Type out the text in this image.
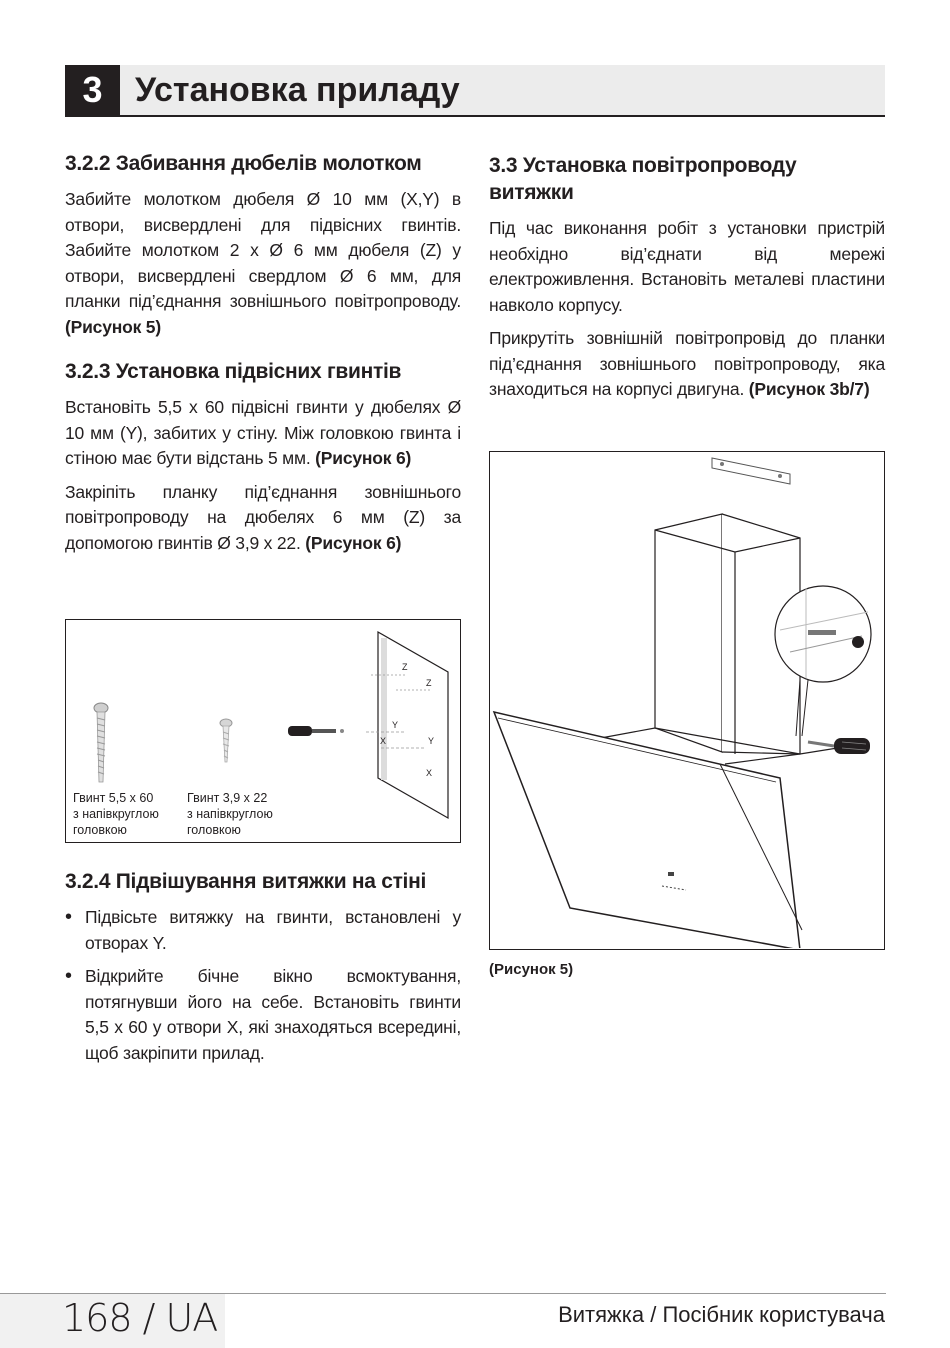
3 Установка приладу
3.2.2 Забивання дюбелів молотком

Забийте молотком дюбеля Ø 10 мм (X,Y) в отвори, висвердлені для підвісних гвинтів. Забийте молотком 2 x Ø 6 мм дюбеля (Z) у отвори, висвердлені свердлом Ø 6 мм, для планки під’єднання зовнішнього повітропроводу. (Рисунок 5)

3.2.3 Установка підвісних гвинтів

Встановіть 5,5 x 60 підвісні гвинти у дюбелях Ø 10 мм (Y), забитих у стіну. Між головкою гвинта і стіною має бути відстань 5 мм. (Рисунок 6)

Закріпіть планку під’єднання зовнішнього повітропроводу на дюбелях 6 мм (Z) за допомогою гвинтів Ø 3,9 x 22. (Рисунок 6)

Z
Z
Y
X	Y
X
Гвинт 5,5 x 60
з напівкруглою
головкою
Гвинт 3,9 x 22
з напівкруглою
головкою
3.2.4 Підвішування витяжки на стіні
• Підвісьте витяжку на гвинти, встановлені у отворах Y.
• Відкрийте бічне вікно всмоктування, потягнувши його на себе. Встановіть гвинти 5,5 x 60 у отвори X, які знаходяться всередині, щоб закріпити прилад.
3.3 Установка повітропроводу витяжки

Під час виконання робіт з установки пристрій необхідно від’єднати від мережі електроживлення. Встановіть металеві пластини навколо корпусу.

Прикрутіть зовнішній повітропровід до планки під’єднання зовнішнього повітропроводу, яка знаходиться на корпусі двигуна. (Рисунок 3b/7)

(Рисунок 5)
168 / UA	Витяжка / Посібник користувача
